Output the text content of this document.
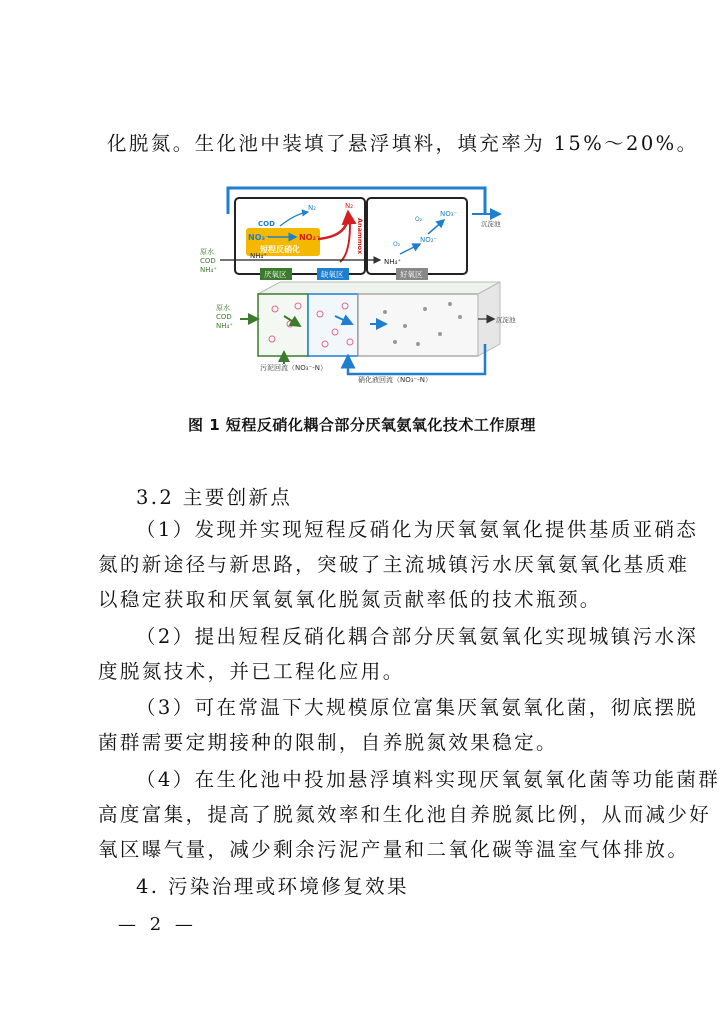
化脱氮。生化池中装填了悬浮填料，填充率为 15%～20%。
短程反硝化
COD
NO₃⁻	NO₂⁻
N₂	N₂
Anammox
原水
COD
NH₄⁺
NH₄⁺
NH₄⁺
O₂
O₂
NO₂⁻
NO₃⁻
沉淀池
厌氧区	缺氧区	好氧区
原水
COD
NH₄⁺
沉淀池
污泥回流（NO₃⁻-N）
硝化液回流（NO₃⁻-N）
图 1 短程反硝化耦合部分厌氧氨氧化技术工作原理
3.2 主要创新点
（1）发现并实现短程反硝化为厌氧氨氧化提供基质亚硝态
氮的新途径与新思路，突破了主流城镇污水厌氧氨氧化基质难
以稳定获取和厌氧氨氧化脱氮贡献率低的技术瓶颈。
（2）提出短程反硝化耦合部分厌氧氨氧化实现城镇污水深
度脱氮技术，并已工程化应用。
（3）可在常温下大规模原位富集厌氧氨氧化菌，彻底摆脱
菌群需要定期接种的限制，自养脱氮效果稳定。
（4）在生化池中投加悬浮填料实现厌氧氨氧化菌等功能菌群
高度富集，提高了脱氮效率和生化池自养脱氮比例，从而减少好
氧区曝气量，减少剩余污泥产量和二氧化碳等温室气体排放。
4. 污染治理或环境修复效果
— 2 —
